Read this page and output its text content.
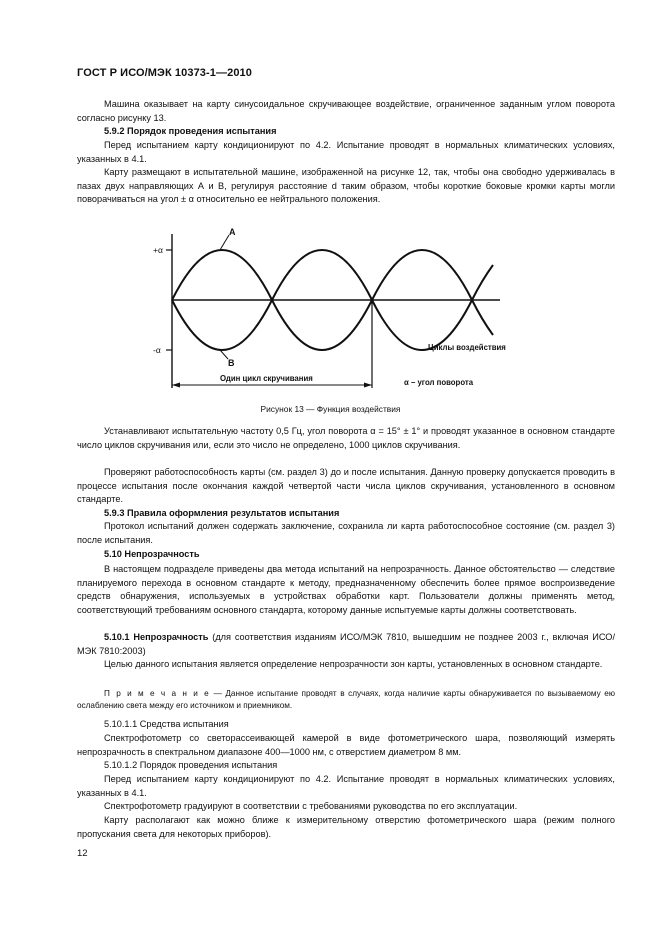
ГОСТ Р ИСО/МЭК 10373-1—2010

Машина оказывает на карту синусоидальное скручивающее воздействие, ограниченное заданным углом поворота согласно рисунку 13.

5.9.2 Порядок проведения испытания

Перед испытанием карту кондиционируют по 4.2. Испытание проводят в нормальных климатических условиях, указанных в 4.1.

Карту размещают в испытательной машине, изображенной на рисунке 12, так, чтобы она свободно удерживалась в пазах двух направляющих А и В, регулируя расстояние d таким образом, чтобы короткие боковые кромки карты могли поворачиваться на угол ± α относительно ее нейтрального положения.

+α
-α
A
B
Один цикл скручивания
Циклы воздействия
α – угол поворота
Рисунок 13 — Функция воздействия

Устанавливают испытательную частоту 0,5 Гц, угол поворота α = 15° ± 1° и проводят указанное в основном стандарте число циклов скручивания или, если это число не определено, 1000 циклов скручивания.

Проверяют работоспособность карты (см. раздел 3) до и после испытания. Данную проверку допускается проводить в процессе испытания после окончания каждой четвертой части числа циклов скручивания, установленного в основном стандарте.

5.9.3 Правила оформления результатов испытания

Протокол испытаний должен содержать заключение, сохранила ли карта работоспособное состояние (см. раздел 3) после испытания.

5.10 Непрозрачность

В настоящем подразделе приведены два метода испытаний на непрозрачность. Данное обстоятельство — следствие планируемого перехода в основном стандарте к методу, предназначенному обеспечить более прямое воспроизведение средств обнаружения, используемых в устройствах обработки карт. Пользователи должны применять метод, соответствующий требованиям основного стандарта, которому данные испытуемые карты должны соответствовать.

5.10.1 Непрозрачность (для соответствия изданиям ИСО/МЭК 7810, вышедшим не позднее 2003 г., включая ИСО/МЭК 7810:2003)

Целью данного испытания является определение непрозрачности зон карты, установленных в основном стандарте.

П р и м е ч а н и е — Данное испытание проводят в случаях, когда наличие карты обнаруживается по вызываемому ею ослаблению света между его источником и приемником.

5.10.1.1 Средства испытания

Спектрофотометр со светорассеивающей камерой в виде фотометрического шара, позволяющий измерять непрозрачность в спектральном диапазоне 400—1000 нм, с отверстием диаметром 8 мм.

5.10.1.2 Порядок проведения испытания

Перед испытанием карту кондиционируют по 4.2. Испытание проводят в нормальных климатических условиях, указанных в 4.1.

Спектрофотометр градуируют в соответствии с требованиями руководства по его эксплуатации.

Карту располагают как можно ближе к измерительному отверстию фотометрического шара (режим полного пропускания света для некоторых приборов).

12
